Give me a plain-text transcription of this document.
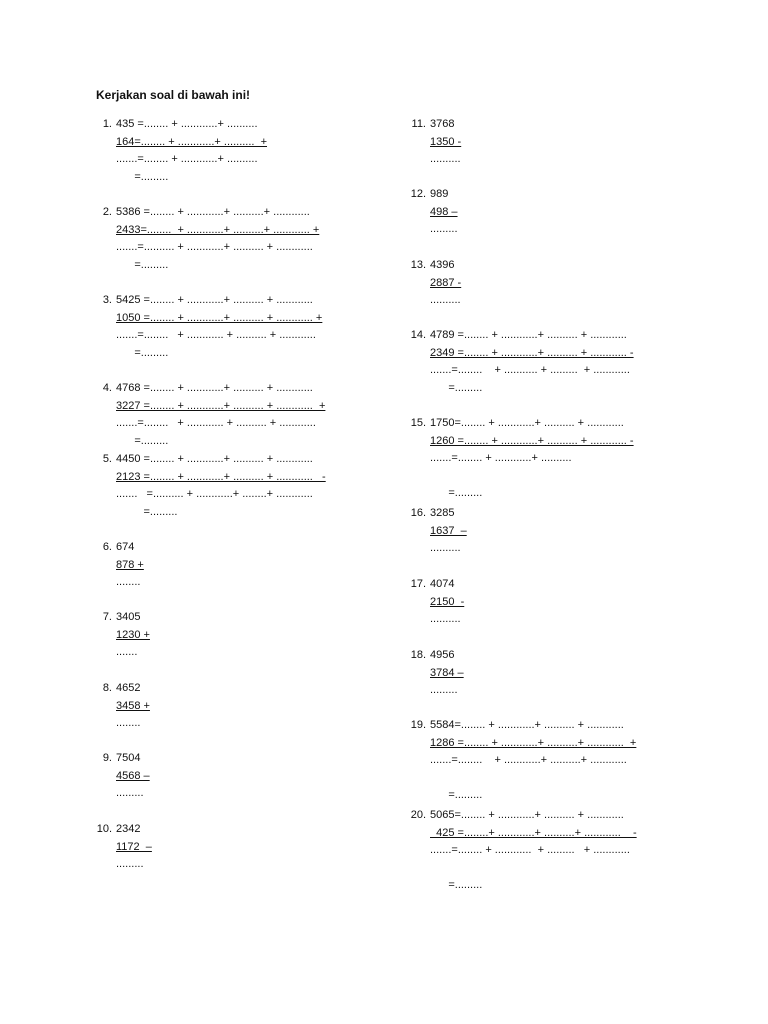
Kerjakan soal di bawah ini!
1. 435 =........ + ............+ ..........
164=........ + ............+ ..........  +
.......=........ + ............+ ..........
=.........
2. 5386 =........ + ............+ ..........+ ............
2433=........  + ............+ ..........+ ............ +
.......=.......... + ............+ .......... + ............
=.........
3. 5425 =........ + ............+ .......... + ............
1050 =........ + ............+ .......... + ............ +
.......=........   + ............ + .......... + ............
=.........
4. 4768 =........ + ............+ .......... + ............
3227 =........ + ............+ .......... + ............  +
.......=........   + ............ + .......... + ............
=.........
5. 4450 =........ + ............+ .......... + ............
2123 =........ + ............+ .......... + ............   -
.......   =.......... + ............+ ........+ ............
=.........
6. 674
878 +
........
7. 3405
1230 +
.......
8. 4652
3458 +
........
9. 7504
4568 –
.........
10. 2342
1172  –
.........
11. 3768
1350 -
..........
12. 989
498 –
.........
13. 4396
2887 -
..........
14. 4789 =........ + ............+ .......... + ............
2349 =........ + ............+ .......... + ............ -
.......=........    + ........... + .........  + ............
=.........
15. 1750=........ + ............+ .......... + ............
1260 =........ + ............+ .......... + ............ -
.......=........ + ............+ ..........
=.........
16. 3285
1637  –
..........
17. 4074
2150  -
..........
18. 4956
3784 –
.........
19. 5584=........ + ............+ .......... + ............
1286 =........ + ............+ ..........+ ............  +
.......=........    + ............+ ..........+ ............
=.........
20. 5065=........ + ............+ .......... + ............
425 =........+ ............+ ..........+ ............    -
.......=........ + ............  + .........   + ............
=.........
